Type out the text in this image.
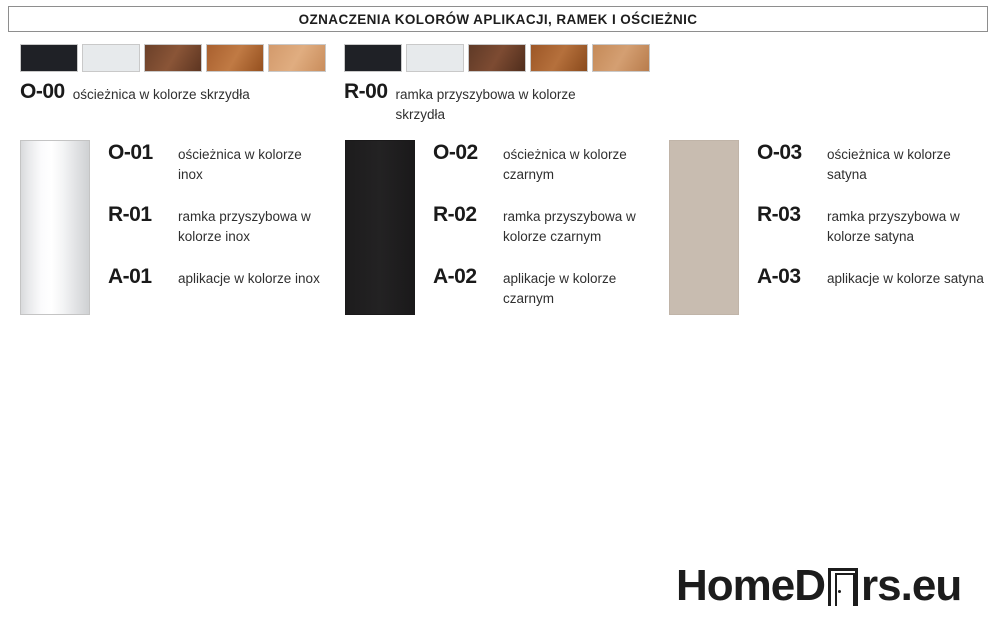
OZNACZENIA KOLORÓW APLIKACJI, RAMEK I OŚCIEŻNIC
O-00 ościeżnica w kolorze skrzydła	R-00 ramka przyszybowa w kolorze skrzydła
O-01	ościeżnica w kolorze inox
R-01	ramka przyszybowa w kolorze inox
A-01	aplikacje w kolorze inox
O-02	ościeżnica w kolorze czarnym
R-02	ramka przyszybowa w kolorze czarnym
A-02	aplikacje w kolorze czarnym
O-03	ościeżnica w kolorze satyna
R-03	ramka przyszybowa w kolorze satyna
A-03	aplikacje w kolorze satyna
HomeD rs.eu
